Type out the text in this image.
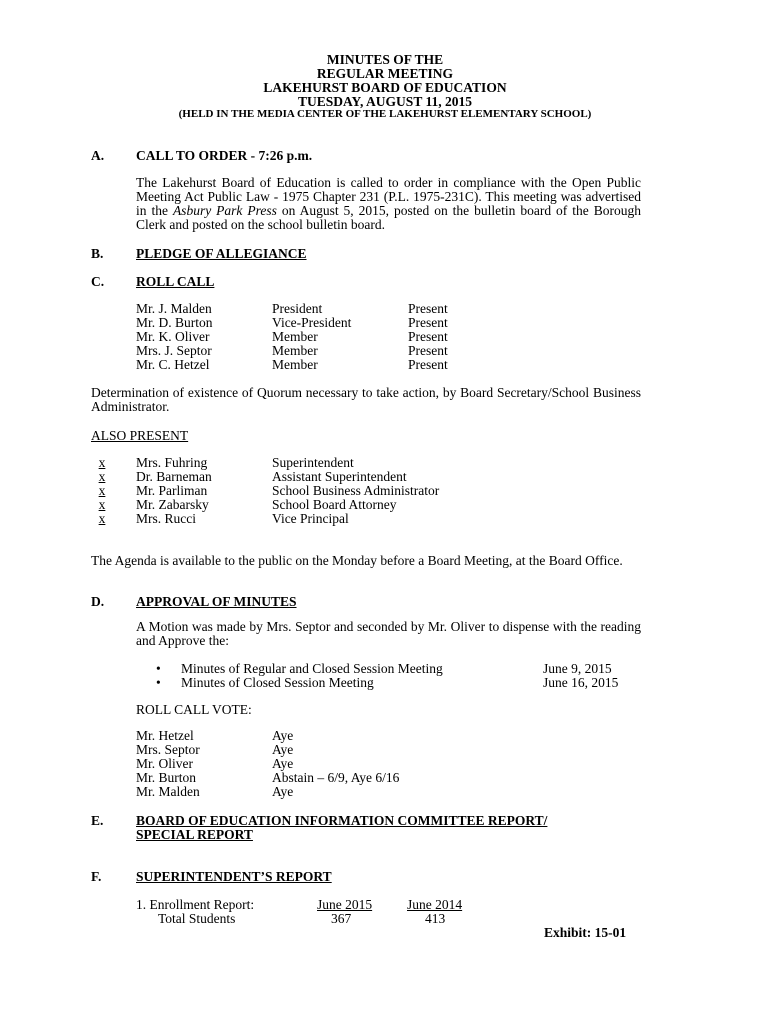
MINUTES OF THE
REGULAR MEETING
LAKEHURST BOARD OF EDUCATION
TUESDAY, AUGUST 11, 2015
(HELD IN THE MEDIA CENTER OF THE LAKEHURST ELEMENTARY SCHOOL)
A. CALL TO ORDER - 7:26 p.m.
The Lakehurst Board of Education is called to order in compliance with the Open Public Meeting Act Public Law - 1975 Chapter 231 (P.L. 1975-231C). This meeting was advertised in the Asbury Park Press on August 5, 2015, posted on the bulletin board of the Borough Clerk and posted on the school bulletin board.
B. PLEDGE OF ALLEGIANCE
C. ROLL CALL
Mr. J. Malden	President	Present
Mr. D. Burton	Vice-President	Present
Mr. K. Oliver	Member	Present
Mrs. J. Septor	Member	Present
Mr. C. Hetzel	Member	Present
Determination of existence of Quorum necessary to take action, by Board Secretary/School Business Administrator.
ALSO PRESENT
x	Mrs. Fuhring	Superintendent
x	Dr. Barneman	Assistant Superintendent
x	Mr. Parliman	School Business Administrator
x	Mr. Zabarsky	School Board Attorney
x	Mrs. Rucci	Vice Principal
The Agenda is available to the public on the Monday before a Board Meeting, at the Board Office.
D. APPROVAL OF MINUTES
A Motion was made by Mrs. Septor and seconded by Mr. Oliver to dispense with the reading and Approve the:
• Minutes of Regular and Closed Session Meeting	June 9, 2015
• Minutes of Closed Session Meeting	June 16, 2015
ROLL CALL VOTE:
Mr. Hetzel	Aye
Mrs. Septor	Aye
Mr. Oliver	Aye
Mr. Burton	Abstain – 6/9, Aye 6/16
Mr. Malden	Aye
E. BOARD OF EDUCATION INFORMATION COMMITTEE REPORT/
SPECIAL REPORT
F.	SUPERINTENDENT’S REPORT
1. Enrollment Report:	June 2015	June 2014
Total Students	367	413
Exhibit: 15-01
